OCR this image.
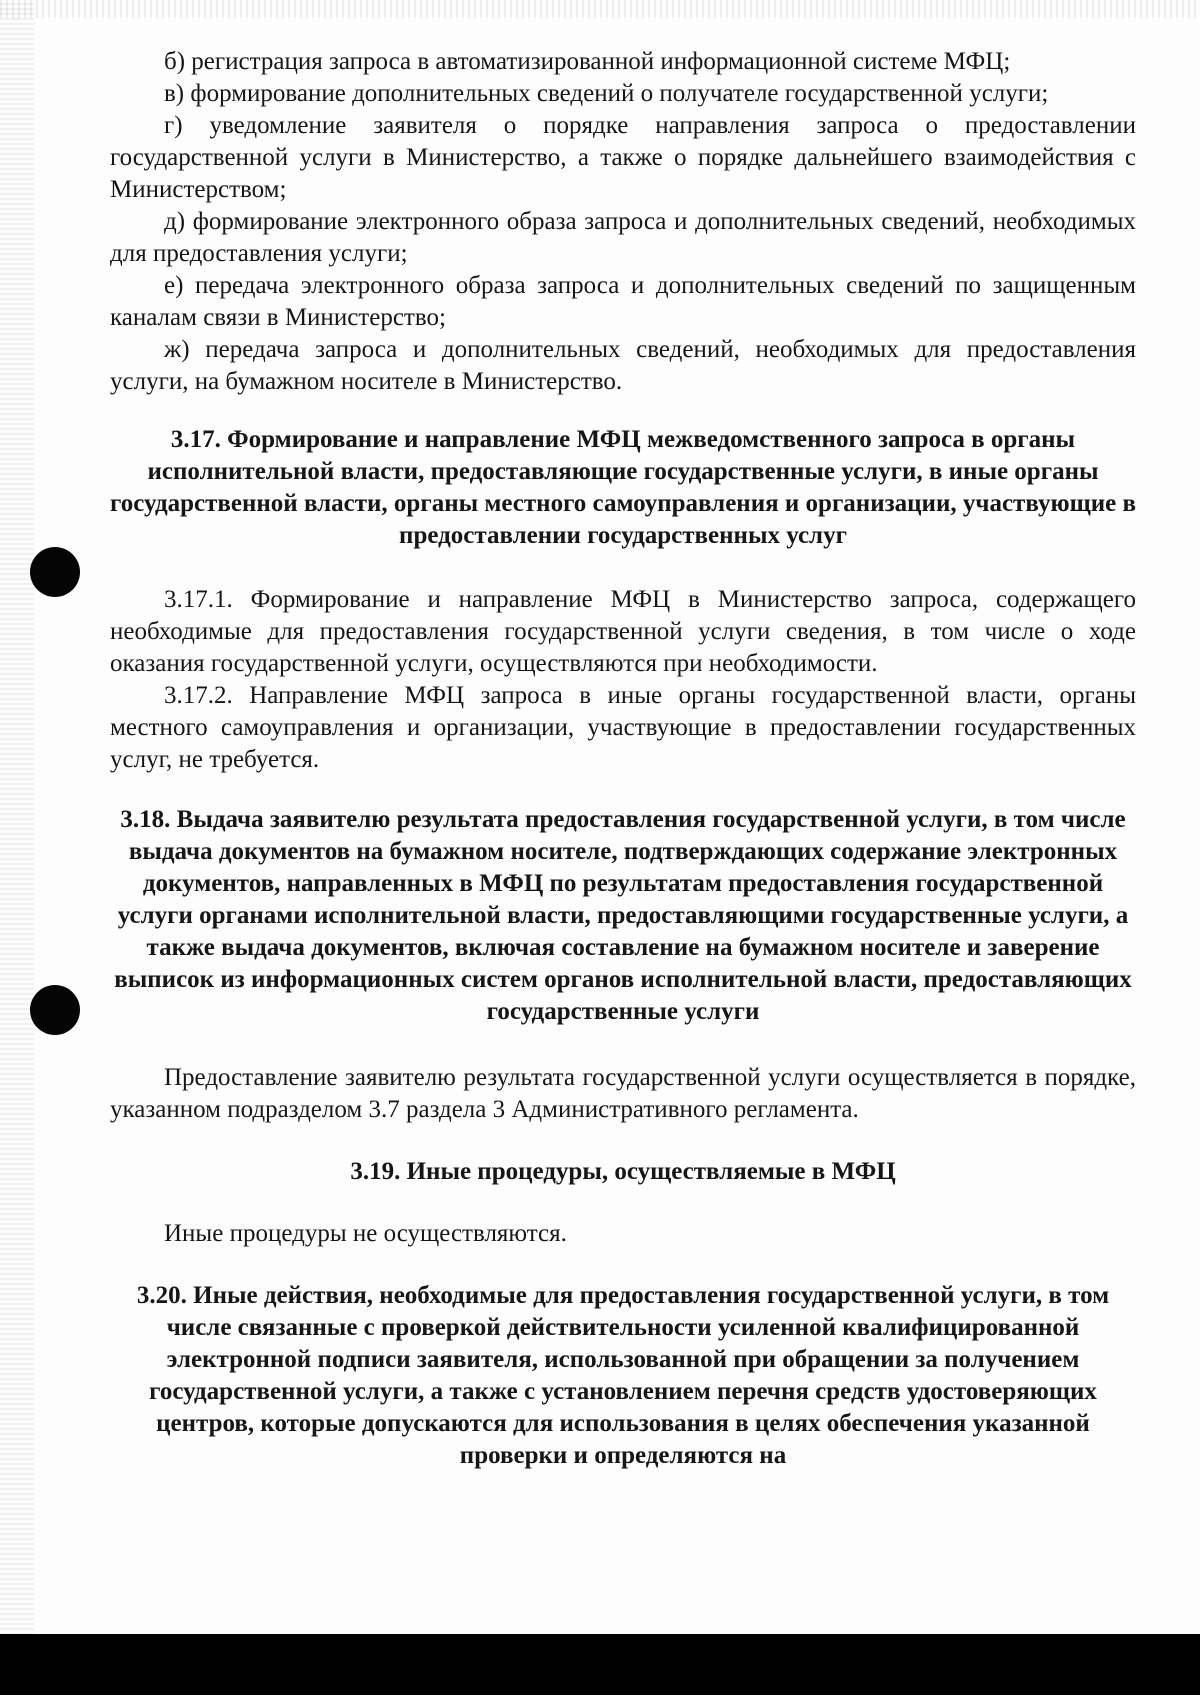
б) регистрация запроса в автоматизированной информационной системе МФЦ;

в) формирование дополнительных сведений о получателе государственной услуги;

г) уведомление заявителя о порядке направления запроса о предоставлении государственной услуги в Министерство, а также о порядке дальнейшего взаимодействия с Министерством;

д) формирование электронного образа запроса и дополнительных сведений, необходимых для предоставления услуги;

е) передача электронного образа запроса и дополнительных сведений по защищенным каналам связи в Министерство;

ж) передача запроса и дополнительных сведений, необходимых для предоставления услуги, на бумажном носителе в Министерство.

3.17. Формирование и направление МФЦ межведомственного запроса в органы исполнительной власти, предоставляющие государственные услуги, в иные органы государственной власти, органы местного самоуправления и организации, участвующие в предоставлении государственных услуг

3.17.1. Формирование и направление МФЦ в Министерство запроса, содержащего необходимые для предоставления государственной услуги сведения, в том числе о ходе оказания государственной услуги, осуществляются при необходимости.

3.17.2. Направление МФЦ запроса в иные органы государственной власти, органы местного самоуправления и организации, участвующие в предоставлении государственных услуг, не требуется.

3.18. Выдача заявителю результата предоставления государственной услуги, в том числе выдача документов на бумажном носителе, подтверждающих содержание электронных документов, направленных в МФЦ по результатам предоставления государственной услуги органами исполнительной власти, предоставляющими государственные услуги, а также выдача документов, включая составление на бумажном носителе и заверение выписок из информационных систем органов исполнительной власти, предоставляющих государственные услуги

Предоставление заявителю результата государственной услуги осуществляется в порядке, указанном подразделом 3.7 раздела 3 Административного регламента.

3.19. Иные процедуры, осуществляемые в МФЦ

Иные процедуры не осуществляются.

3.20. Иные действия, необходимые для предоставления государственной услуги, в том числе связанные с проверкой действительности усиленной квалифицированной электронной подписи заявителя, использованной при обращении за получением государственной услуги, а также с установлением перечня средств удостоверяющих центров, которые допускаются для использования в целях обеспечения указанной проверки и определяются на
